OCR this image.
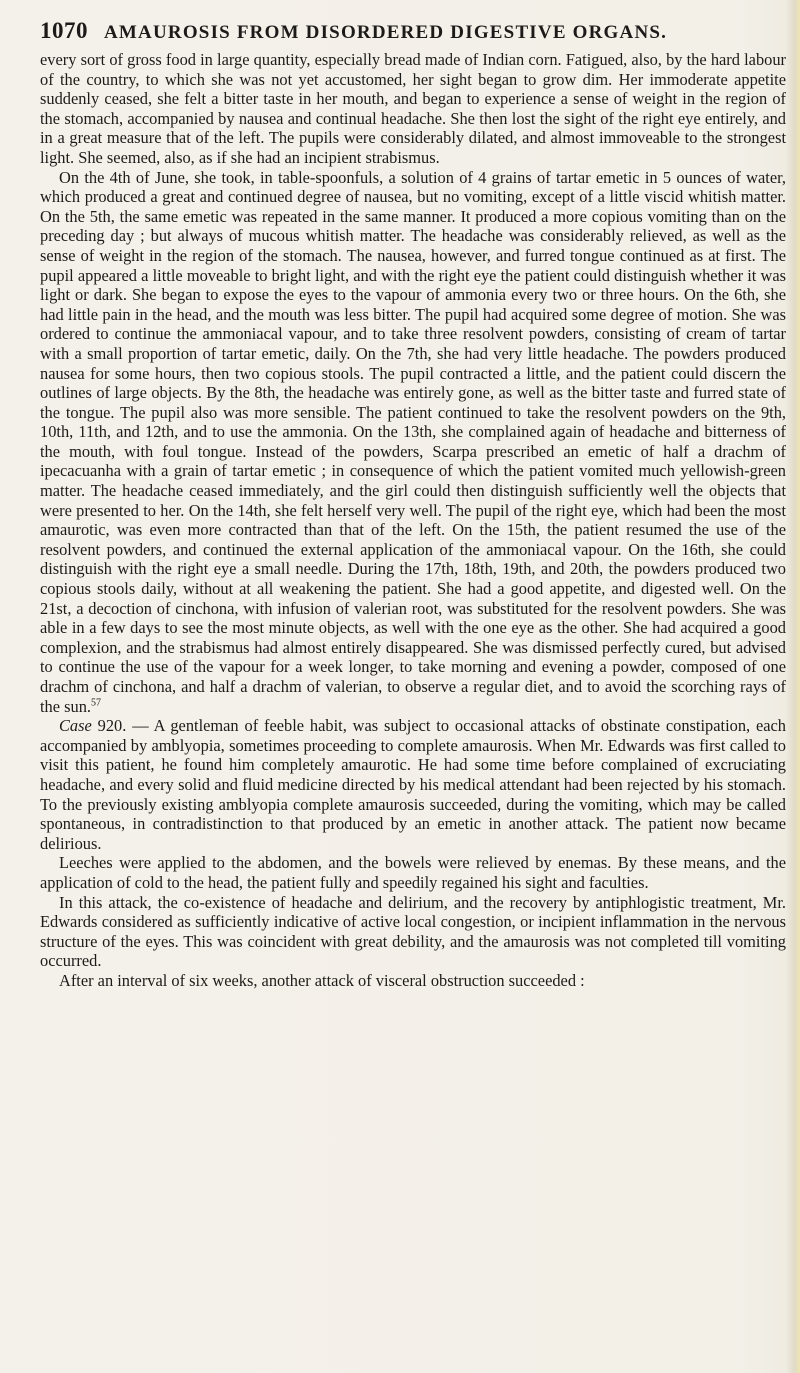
1070 AMAUROSIS FROM DISORDERED DIGESTIVE ORGANS.

every sort of gross food in large quantity, especially bread made of Indian corn. Fatigued, also, by the hard labour of the country, to which she was not yet accustomed, her sight began to grow dim. Her immoderate appetite suddenly ceased, she felt a bitter taste in her mouth, and began to experience a sense of weight in the region of the stomach, accompanied by nausea and continual headache. She then lost the sight of the right eye entirely, and in a great measure that of the left. The pupils were considerably dilated, and almost immoveable to the strongest light. She seemed, also, as if she had an incipient strabismus.

On the 4th of June, she took, in table-spoonfuls, a solution of 4 grains of tartar emetic in 5 ounces of water, which produced a great and continued degree of nausea, but no vomiting, except of a little viscid whitish matter. On the 5th, the same emetic was repeated in the same manner. It produced a more copious vomiting than on the preceding day ; but always of mucous whitish matter. The headache was considerably relieved, as well as the sense of weight in the region of the stomach. The nausea, however, and furred tongue continued as at first. The pupil appeared a little moveable to bright light, and with the right eye the patient could distinguish whether it was light or dark. She began to expose the eyes to the vapour of ammonia every two or three hours. On the 6th, she had little pain in the head, and the mouth was less bitter. The pupil had acquired some degree of motion. She was ordered to continue the ammoniacal vapour, and to take three resolvent powders, consisting of cream of tartar with a small proportion of tartar emetic, daily. On the 7th, she had very little headache. The powders produced nausea for some hours, then two copious stools. The pupil contracted a little, and the patient could discern the outlines of large objects. By the 8th, the headache was entirely gone, as well as the bitter taste and furred state of the tongue. The pupil also was more sensible. The patient continued to take the resolvent powders on the 9th, 10th, 11th, and 12th, and to use the ammonia. On the 13th, she complained again of headache and bitterness of the mouth, with foul tongue. Instead of the powders, Scarpa prescribed an emetic of half a drachm of ipecacuanha with a grain of tartar emetic ; in consequence of which the patient vomited much yellowish-green matter. The headache ceased immediately, and the girl could then distinguish sufficiently well the objects that were presented to her. On the 14th, she felt herself very well. The pupil of the right eye, which had been the most amaurotic, was even more contracted than that of the left. On the 15th, the patient resumed the use of the resolvent powders, and continued the external application of the ammoniacal vapour. On the 16th, she could distinguish with the right eye a small needle. During the 17th, 18th, 19th, and 20th, the powders produced two copious stools daily, without at all weakening the patient. She had a good appetite, and digested well. On the 21st, a decoction of cinchona, with infusion of valerian root, was substituted for the resolvent powders. She was able in a few days to see the most minute objects, as well with the one eye as the other. She had acquired a good complexion, and the strabismus had almost entirely disappeared. She was dismissed perfectly cured, but advised to continue the use of the vapour for a week longer, to take morning and evening a powder, composed of one drachm of cinchona, and half a drachm of valerian, to observe a regular diet, and to avoid the scorching rays of the sun.$^{57}$

Case 920. — A gentleman of feeble habit, was subject to occasional attacks of obstinate constipation, each accompanied by amblyopia, sometimes proceeding to complete amaurosis. When Mr. Edwards was first called to visit this patient, he found him completely amaurotic. He had some time before complained of excruciating headache, and every solid and fluid medicine directed by his medical attendant had been rejected by his stomach. To the previously existing amblyopia complete amaurosis succeeded, during the vomiting, which may be called spontaneous, in contradistinction to that produced by an emetic in another attack. The patient now became delirious.

Leeches were applied to the abdomen, and the bowels were relieved by enemas. By these means, and the application of cold to the head, the patient fully and speedily regained his sight and faculties.

In this attack, the co-existence of headache and delirium, and the recovery by antiphlogistic treatment, Mr. Edwards considered as sufficiently indicative of active local congestion, or incipient inflammation in the nervous structure of the eyes. This was coincident with great debility, and the amaurosis was not completed till vomiting occurred.

After an interval of six weeks, another attack of visceral obstruction succeeded :
